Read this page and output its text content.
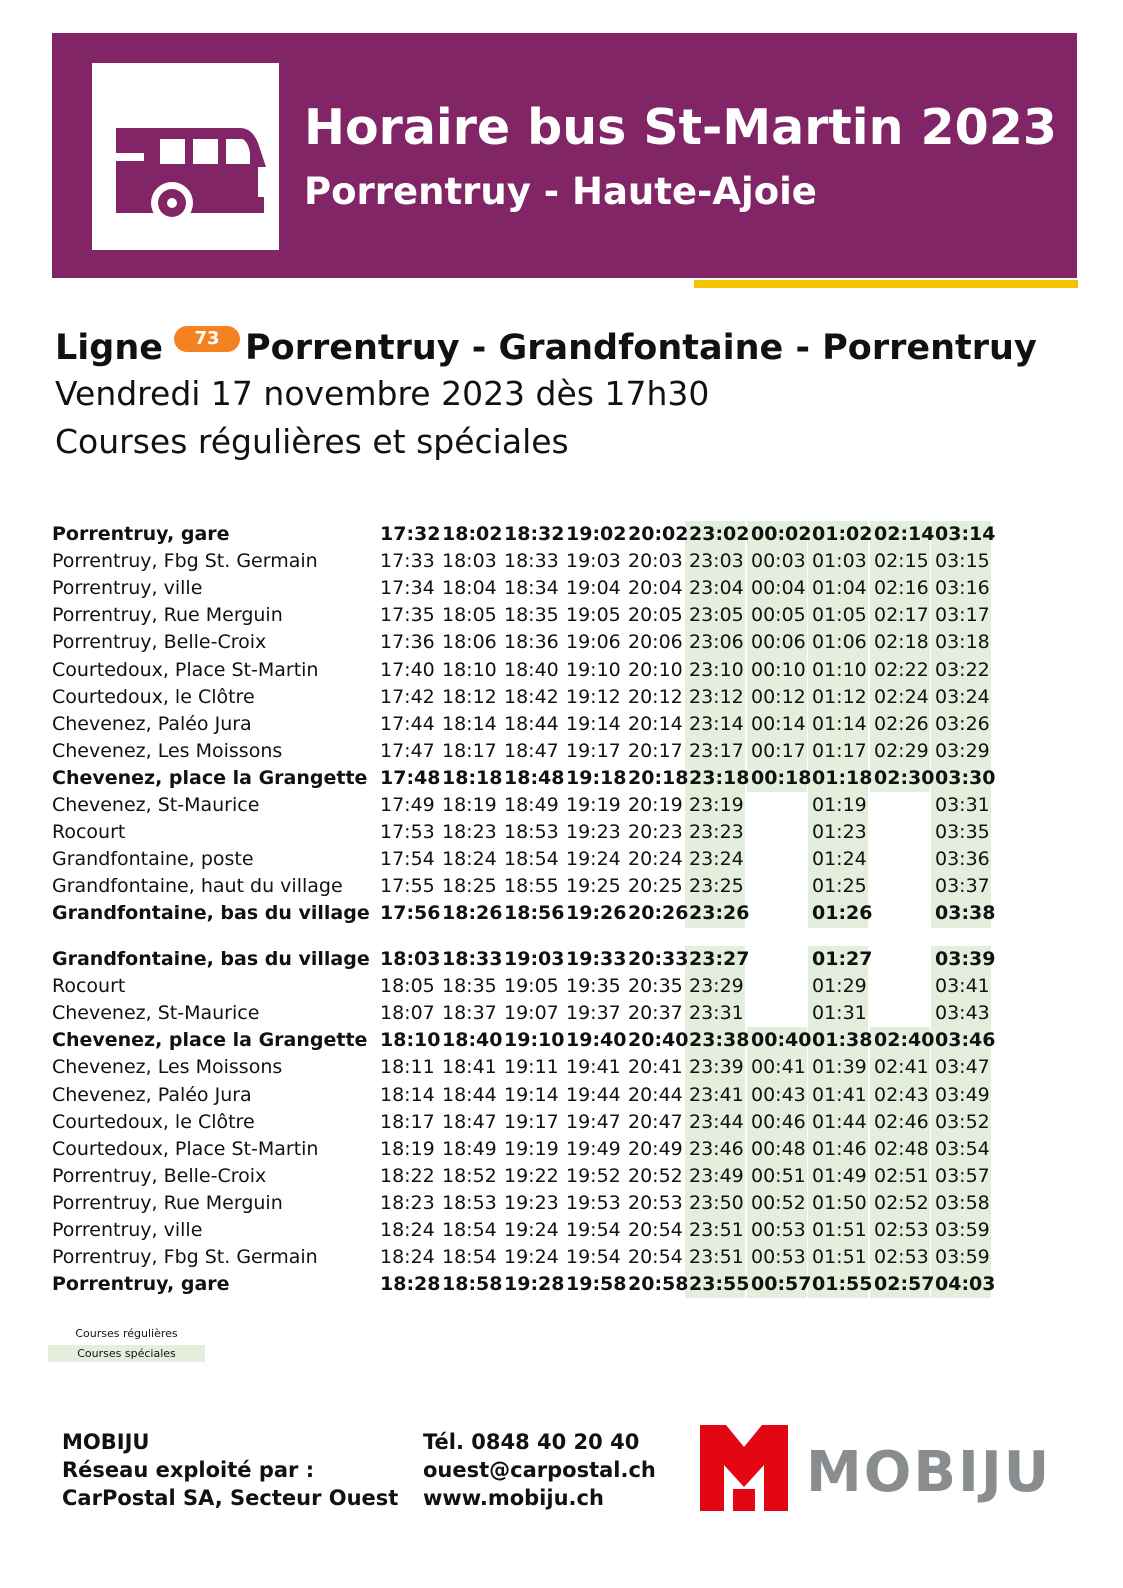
Horaire bus St-Martin 2023
Porrentruy - Haute-Ajoie
Ligne	73 Porrentruy - Grandfontaine - Porrentruy
Vendredi 17 novembre 2023 dès 17h30
Courses régulières et spéciales
Porrentruy, gare	17:32 18:02 18:32 19:02 20:02 23:02 00:02 01:02 02:14 03:14
Porrentruy, Fbg St. Germain	17:33 18:03 18:33 19:03 20:03 23:03 00:03 01:03 02:15 03:15
Porrentruy, ville	17:34 18:04 18:34 19:04 20:04 23:04 00:04 01:04 02:16 03:16
Porrentruy, Rue Merguin	17:35 18:05 18:35 19:05 20:05 23:05 00:05 01:05 02:17 03:17
Porrentruy, Belle-Croix	17:36 18:06 18:36 19:06 20:06 23:06 00:06 01:06 02:18 03:18
Courtedoux, Place St-Martin	17:40 18:10 18:40 19:10 20:10 23:10 00:10 01:10 02:22 03:22
Courtedoux, le Clôtre	17:42 18:12 18:42 19:12 20:12 23:12 00:12 01:12 02:24 03:24
Chevenez, Paléo Jura	17:44 18:14 18:44 19:14 20:14 23:14 00:14 01:14 02:26 03:26
Chevenez, Les Moissons	17:47 18:17 18:47 19:17 20:17 23:17 00:17 01:17 02:29 03:29
Chevenez, place la Grangette 17:48 18:18 18:48 19:18 20:18 23:18 00:18 01:18 02:30 03:30
Chevenez, St-Maurice	17:49 18:19 18:49 19:19 20:19 23:19	01:19	03:31
Rocourt	17:53 18:23 18:53 19:23 20:23 23:23	01:23	03:35
Grandfontaine, poste	17:54 18:24 18:54 19:24 20:24 23:24	01:24	03:36
Grandfontaine, haut du village 17:55 18:25 18:55 19:25 20:25 23:25	01:25	03:37
Grandfontaine, bas du village 17:56 18:26 18:56 19:26 20:26 23:26	01:26	03:38
Grandfontaine, bas du village 18:03 18:33 19:03 19:33 20:33 23:27	01:27	03:39
Rocourt	18:05 18:35 19:05 19:35 20:35 23:29	01:29	03:41
Chevenez, St-Maurice	18:07 18:37 19:07 19:37 20:37 23:31	01:31	03:43
Chevenez, place la Grangette 18:10 18:40 19:10 19:40 20:40 23:38 00:40 01:38 02:40 03:46
Chevenez, Les Moissons	18:11 18:41 19:11 19:41 20:41 23:39 00:41 01:39 02:41 03:47
Chevenez, Paléo Jura	18:14 18:44 19:14 19:44 20:44 23:41 00:43 01:41 02:43 03:49
Courtedoux, le Clôtre	18:17 18:47 19:17 19:47 20:47 23:44 00:46 01:44 02:46 03:52
Courtedoux, Place St-Martin	18:19 18:49 19:19 19:49 20:49 23:46 00:48 01:46 02:48 03:54
Porrentruy, Belle-Croix	18:22 18:52 19:22 19:52 20:52 23:49 00:51 01:49 02:51 03:57
Porrentruy, Rue Merguin	18:23 18:53 19:23 19:53 20:53 23:50 00:52 01:50 02:52 03:58
Porrentruy, ville	18:24 18:54 19:24 19:54 20:54 23:51 00:53 01:51 02:53 03:59
Porrentruy, Fbg St. Germain	18:24 18:54 19:24 19:54 20:54 23:51 00:53 01:51 02:53 03:59
Porrentruy, gare	18:28 18:58 19:28 19:58 20:58 23:55 00:57 01:55 02:57 04:03
Courses régulières
Courses spéciales
MOBIJU
Réseau exploité par :
CarPostal SA, Secteur Ouest
Tél. 0848 40 20 40
ouest@carpostal.ch
www.mobiju.ch	MOBIJU
